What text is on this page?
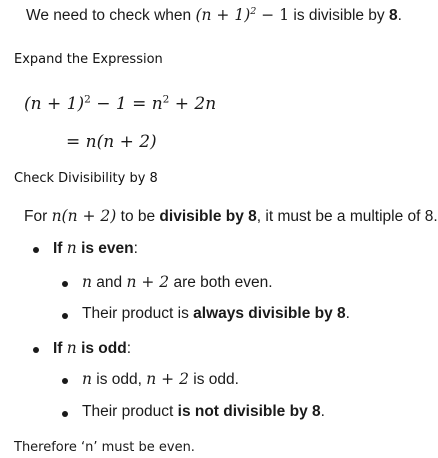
We need to check when $(n + 1)^2 - 1$ is divisible by 8.
Expand the Expression
$(n + 1)^2 - 1 = n^2 + 2n$
= n(n + 2)
Check Divisibility by 8
For n(n + 2) to be divisible by 8, it must be a multiple of 8.
If n is even:
n and n + 2 are both even.
Their product is always divisible by 8.
If n is odd:
n is odd, n + 2 is odd.
Their product is not divisible by 8.
Therefore ‘n’ must be even.
